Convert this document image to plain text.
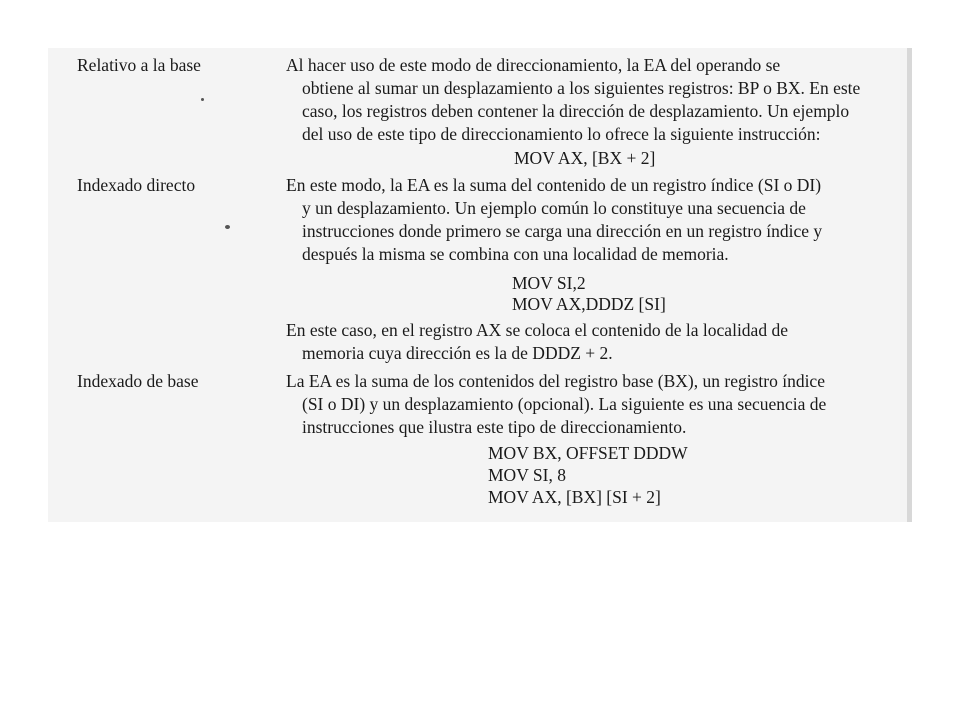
Relativo a la base	Al hacer uso de este modo de direccionamiento, la EA del operando se
obtiene al sumar un desplazamiento a los siguientes registros: BP o BX. En este
caso, los registros deben contener la dirección de desplazamiento. Un ejemplo
del uso de este tipo de direccionamiento lo ofrece la siguiente instrucción:
MOV AX, [BX + 2]
Indexado directo	En este modo, la EA es la suma del contenido de un registro índice (SI o DI)
y un desplazamiento. Un ejemplo común lo constituye una secuencia de
instrucciones donde primero se carga una dirección en un registro índice y
después la misma se combina con una localidad de memoria.
MOV SI,2
MOV AX,DDDZ [SI]
En este caso, en el registro AX se coloca el contenido de la localidad de
memoria cuya dirección es la de DDDZ + 2.
Indexado de base	La EA es la suma de los contenidos del registro base (BX), un registro índice
(SI o DI) y un desplazamiento (opcional). La siguiente es una secuencia de
instrucciones que ilustra este tipo de direccionamiento.
MOV BX, OFFSET DDDW
MOV SI, 8
MOV AX, [BX] [SI + 2]
